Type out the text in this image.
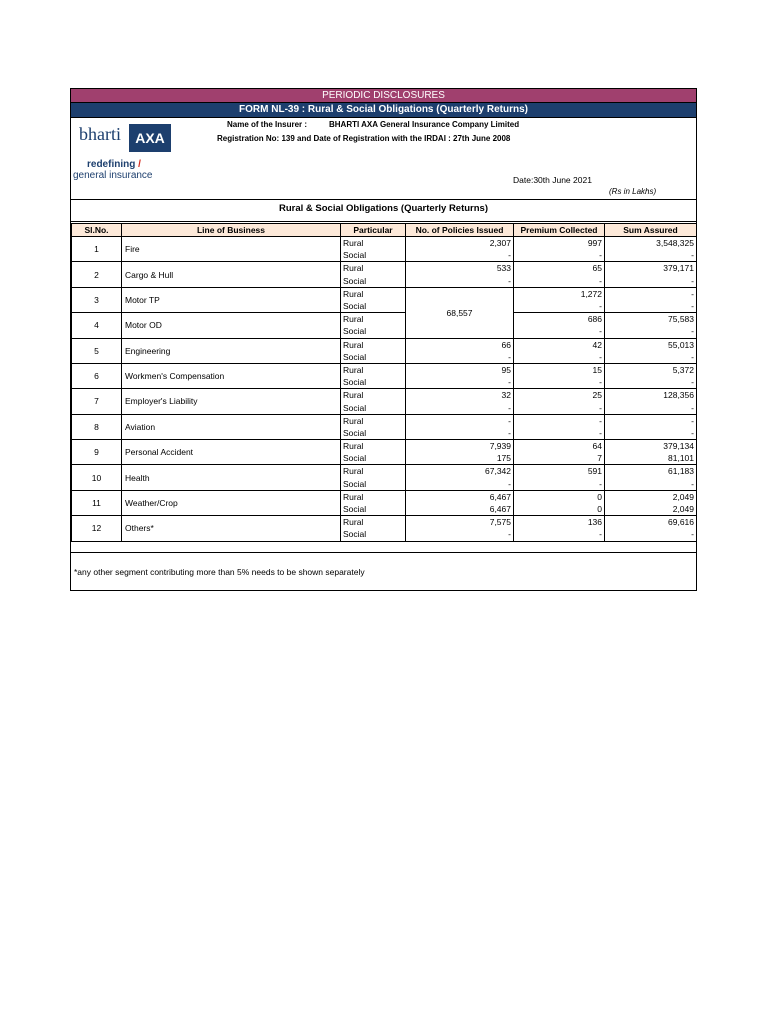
PERIODIC DISCLOSURES
FORM NL-39 : Rural & Social Obligations (Quarterly Returns)
bharti	AXA
redefining /
general insurance
Name of the Insurer :	BHARTI AXA General Insurance Company Limited
Registration No: 139 and Date of Registration with the IRDAI : 27th June 2008
Date:30th June 2021
(Rs in Lakhs)
Rural & Social Obligations (Quarterly Returns)
Sl.No.	Line of Business	Particular	No. of Policies Issued	Premium Collected	Sum Assured
1	Fire	Rural	2,307	997	3,548,325
		Social	-	-	-
2	Cargo & Hull	Rural	533	65	379,171
		Social	-	-	-
3	Motor TP	Rural	68,557	1,272	-
		Social		-	-
4	Motor OD	Rural		686	75,583
		Social		-	-
5	Engineering	Rural	66	42	55,013
		Social	-	-	-
6	Workmen's Compensation	Rural	95	15	5,372
		Social	-	-	-
7	Employer's Liability	Rural	32	25	128,356
		Social	-	-	-
8	Aviation	Rural	-	-	-
		Social	-	-	-
9	Personal Accident	Rural	7,939	64	379,134
		Social	175	7	81,101
10	Health	Rural	67,342	591	61,183
		Social	-	-	-
11	Weather/Crop	Rural	6,467	0	2,049
		Social	6,467	0	2,049
12	Others*	Rural	7,575	136	69,616
		Social	-	-	-
*any other segment contributing more than 5% needs to be shown separately
